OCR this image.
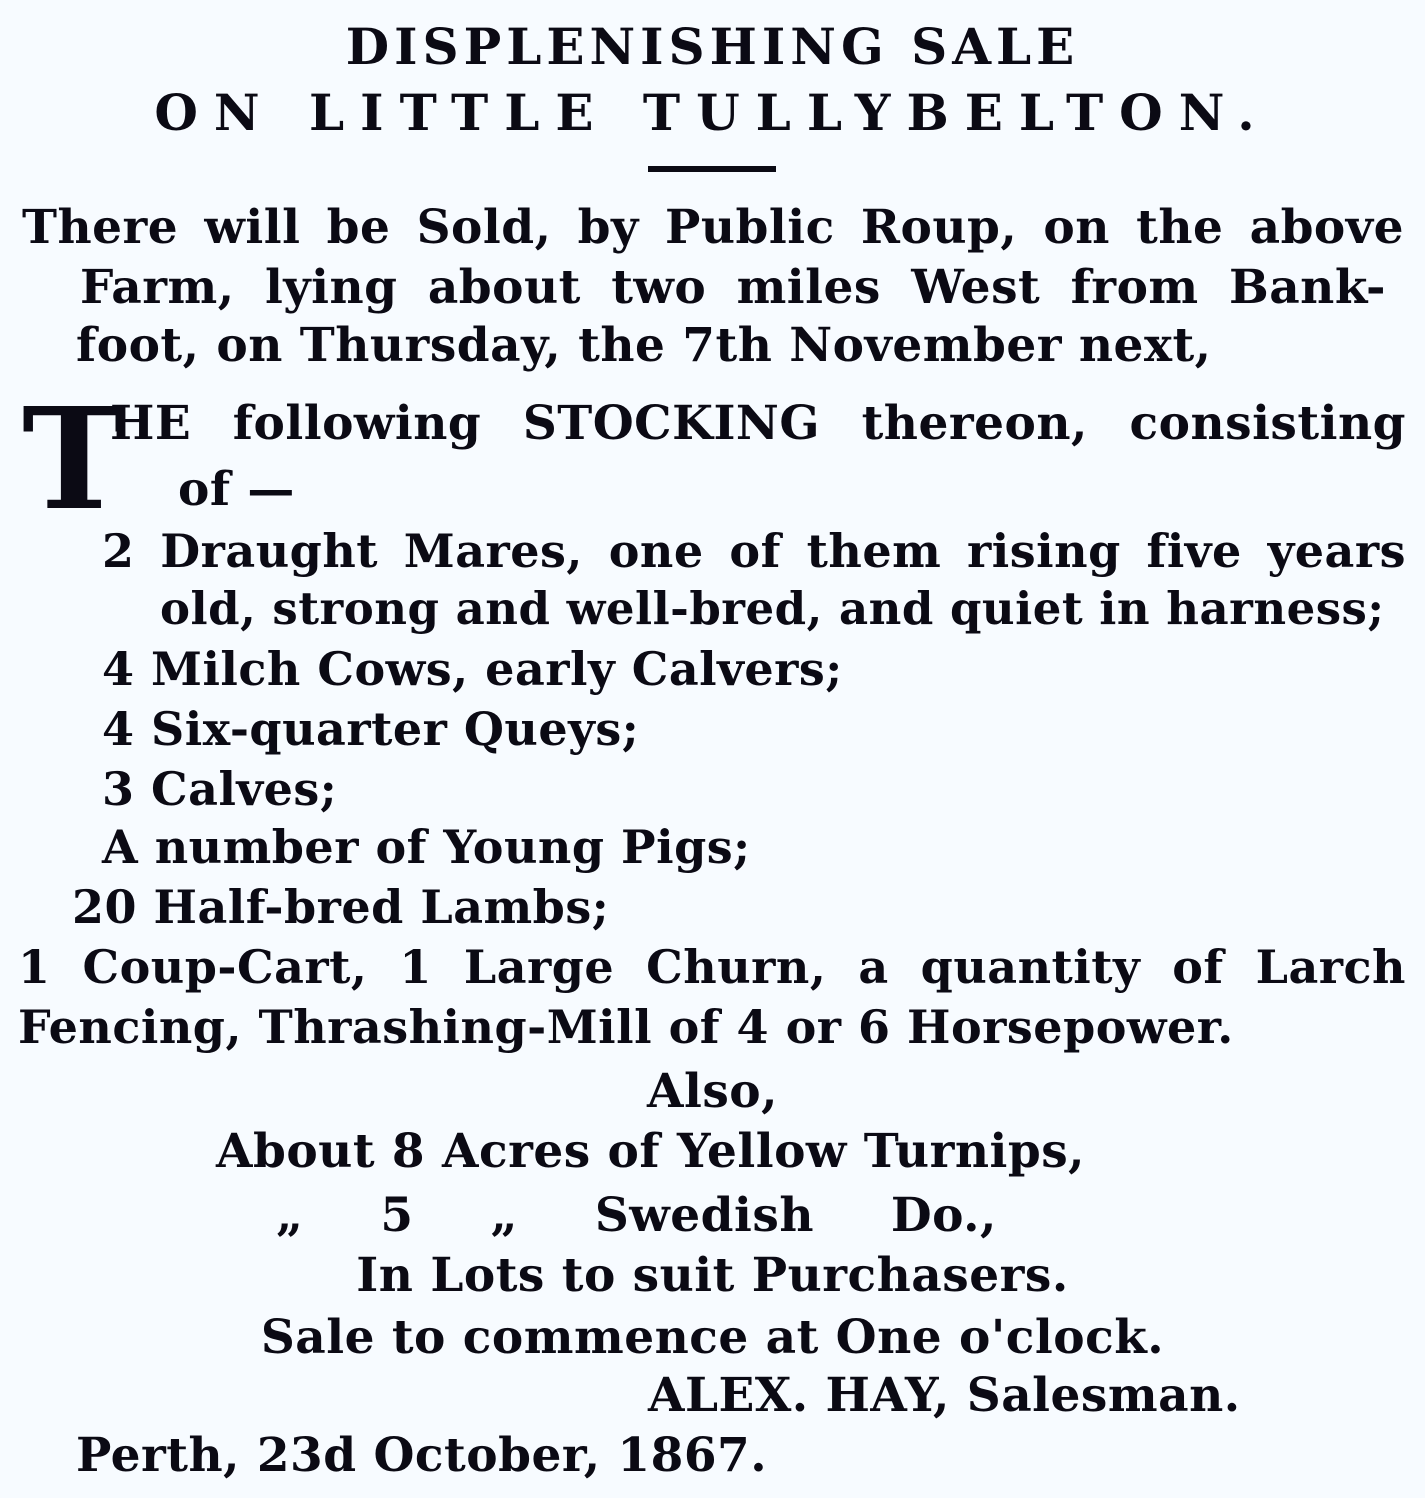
DISPLENISHING SALE
ON LITTLE TULLYBELTON.
There will be Sold, by Public Roup, on the above
Farm, lying about two miles West from Bank-
foot, on Thursday, the 7th November next,
T
HE following STOCKING thereon, consisting
of —
2 Draught Mares, one of them rising five years
old, strong and well-bred, and quiet in harness;
4 Milch Cows, early Calvers;
4 Six-quarter Queys;
3 Calves;
A number of Young Pigs;
20 Half-bred Lambs;
1 Coup-Cart, 1 Large Churn, a quantity of Larch
Fencing, Thrashing-Mill of 4 or 6 Horsepower.
Also,
About 8 Acres of Yellow Turnips,
„ 5 „ Swedish Do.,
In Lots to suit Purchasers.
Sale to commence at One o'clock.
ALEX. HAY, Salesman.
Perth, 23d October, 1867.
